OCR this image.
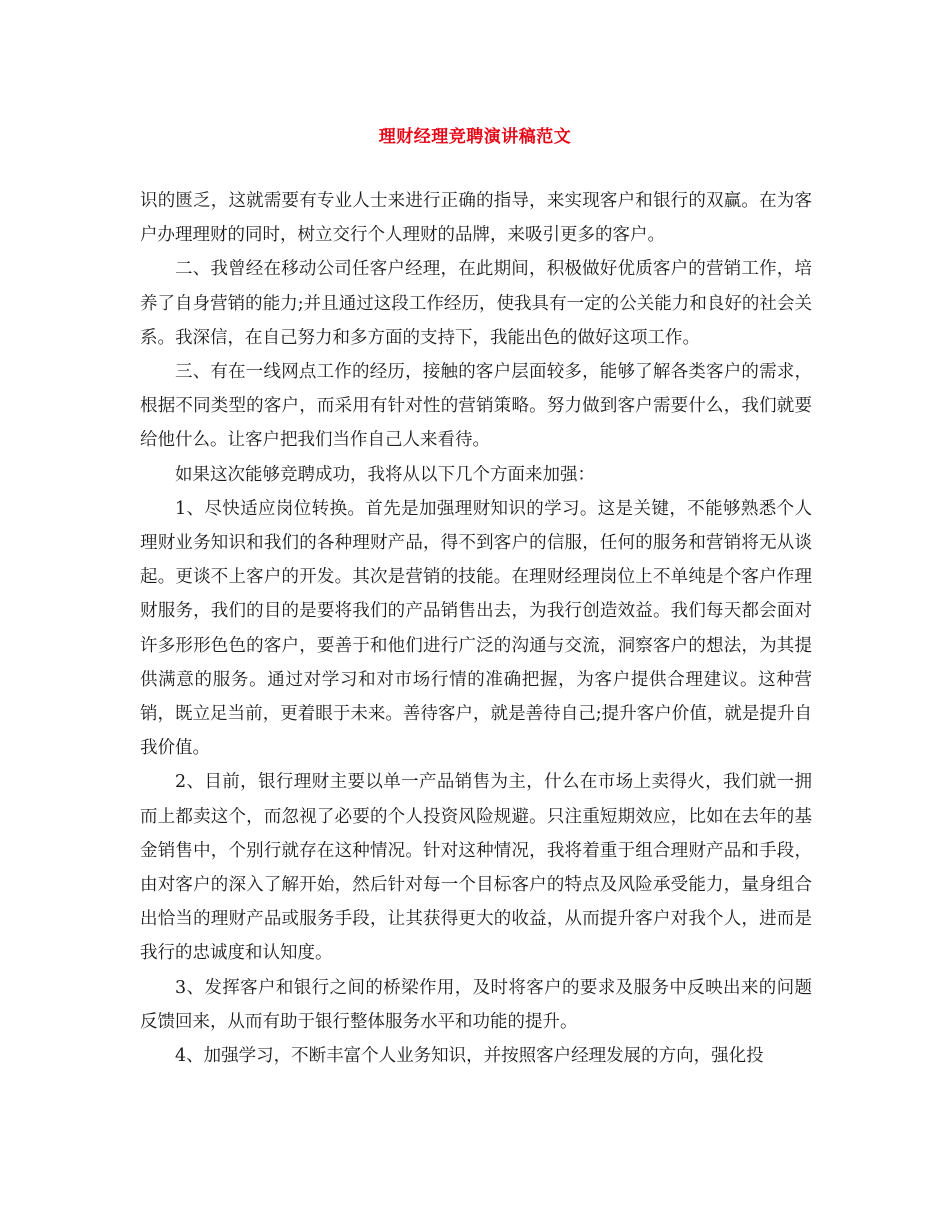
理财经理竞聘演讲稿范文

识的匮乏，这就需要有专业人士来进行正确的指导，来实现客户和银行的双赢。在为客户办理理财的同时，树立交行个人理财的品牌，来吸引更多的客户。

二、我曾经在移动公司任客户经理，在此期间，积极做好优质客户的营销工作，培养了自身营销的能力;并且通过这段工作经历，使我具有一定的公关能力和良好的社会关系。我深信，在自己努力和多方面的支持下，我能出色的做好这项工作。

三、有在一线网点工作的经历，接触的客户层面较多，能够了解各类客户的需求，根据不同类型的客户，而采用有针对性的营销策略。努力做到客户需要什么，我们就要给他什么。让客户把我们当作自己人来看待。

如果这次能够竞聘成功，我将从以下几个方面来加强：

1、尽快适应岗位转换。首先是加强理财知识的学习。这是关键，不能够熟悉个人理财业务知识和我们的各种理财产品，得不到客户的信服，任何的服务和营销将无从谈起。更谈不上客户的开发。其次是营销的技能。在理财经理岗位上不单纯是个客户作理财服务，我们的目的是要将我们的产品销售出去，为我行创造效益。我们每天都会面对许多形形色色的客户，要善于和他们进行广泛的沟通与交流，洞察客户的想法，为其提供满意的服务。通过对学习和对市场行情的准确把握，为客户提供合理建议。这种营销，既立足当前，更着眼于未来。善待客户，就是善待自己;提升客户价值，就是提升自我价值。

2、目前，银行理财主要以单一产品销售为主，什么在市场上卖得火，我们就一拥而上都卖这个，而忽视了必要的个人投资风险规避。只注重短期效应，比如在去年的基金销售中，个别行就存在这种情况。针对这种情况，我将着重于组合理财产品和手段，由对客户的深入了解开始，然后针对每一个目标客户的特点及风险承受能力，量身组合出恰当的理财产品或服务手段，让其获得更大的收益，从而提升客户对我个人，进而是我行的忠诚度和认知度。

3、发挥客户和银行之间的桥梁作用，及时将客户的要求及服务中反映出来的问题反馈回来，从而有助于银行整体服务水平和功能的提升。

4、加强学习，不断丰富个人业务知识，并按照客户经理发展的方向，强化投
